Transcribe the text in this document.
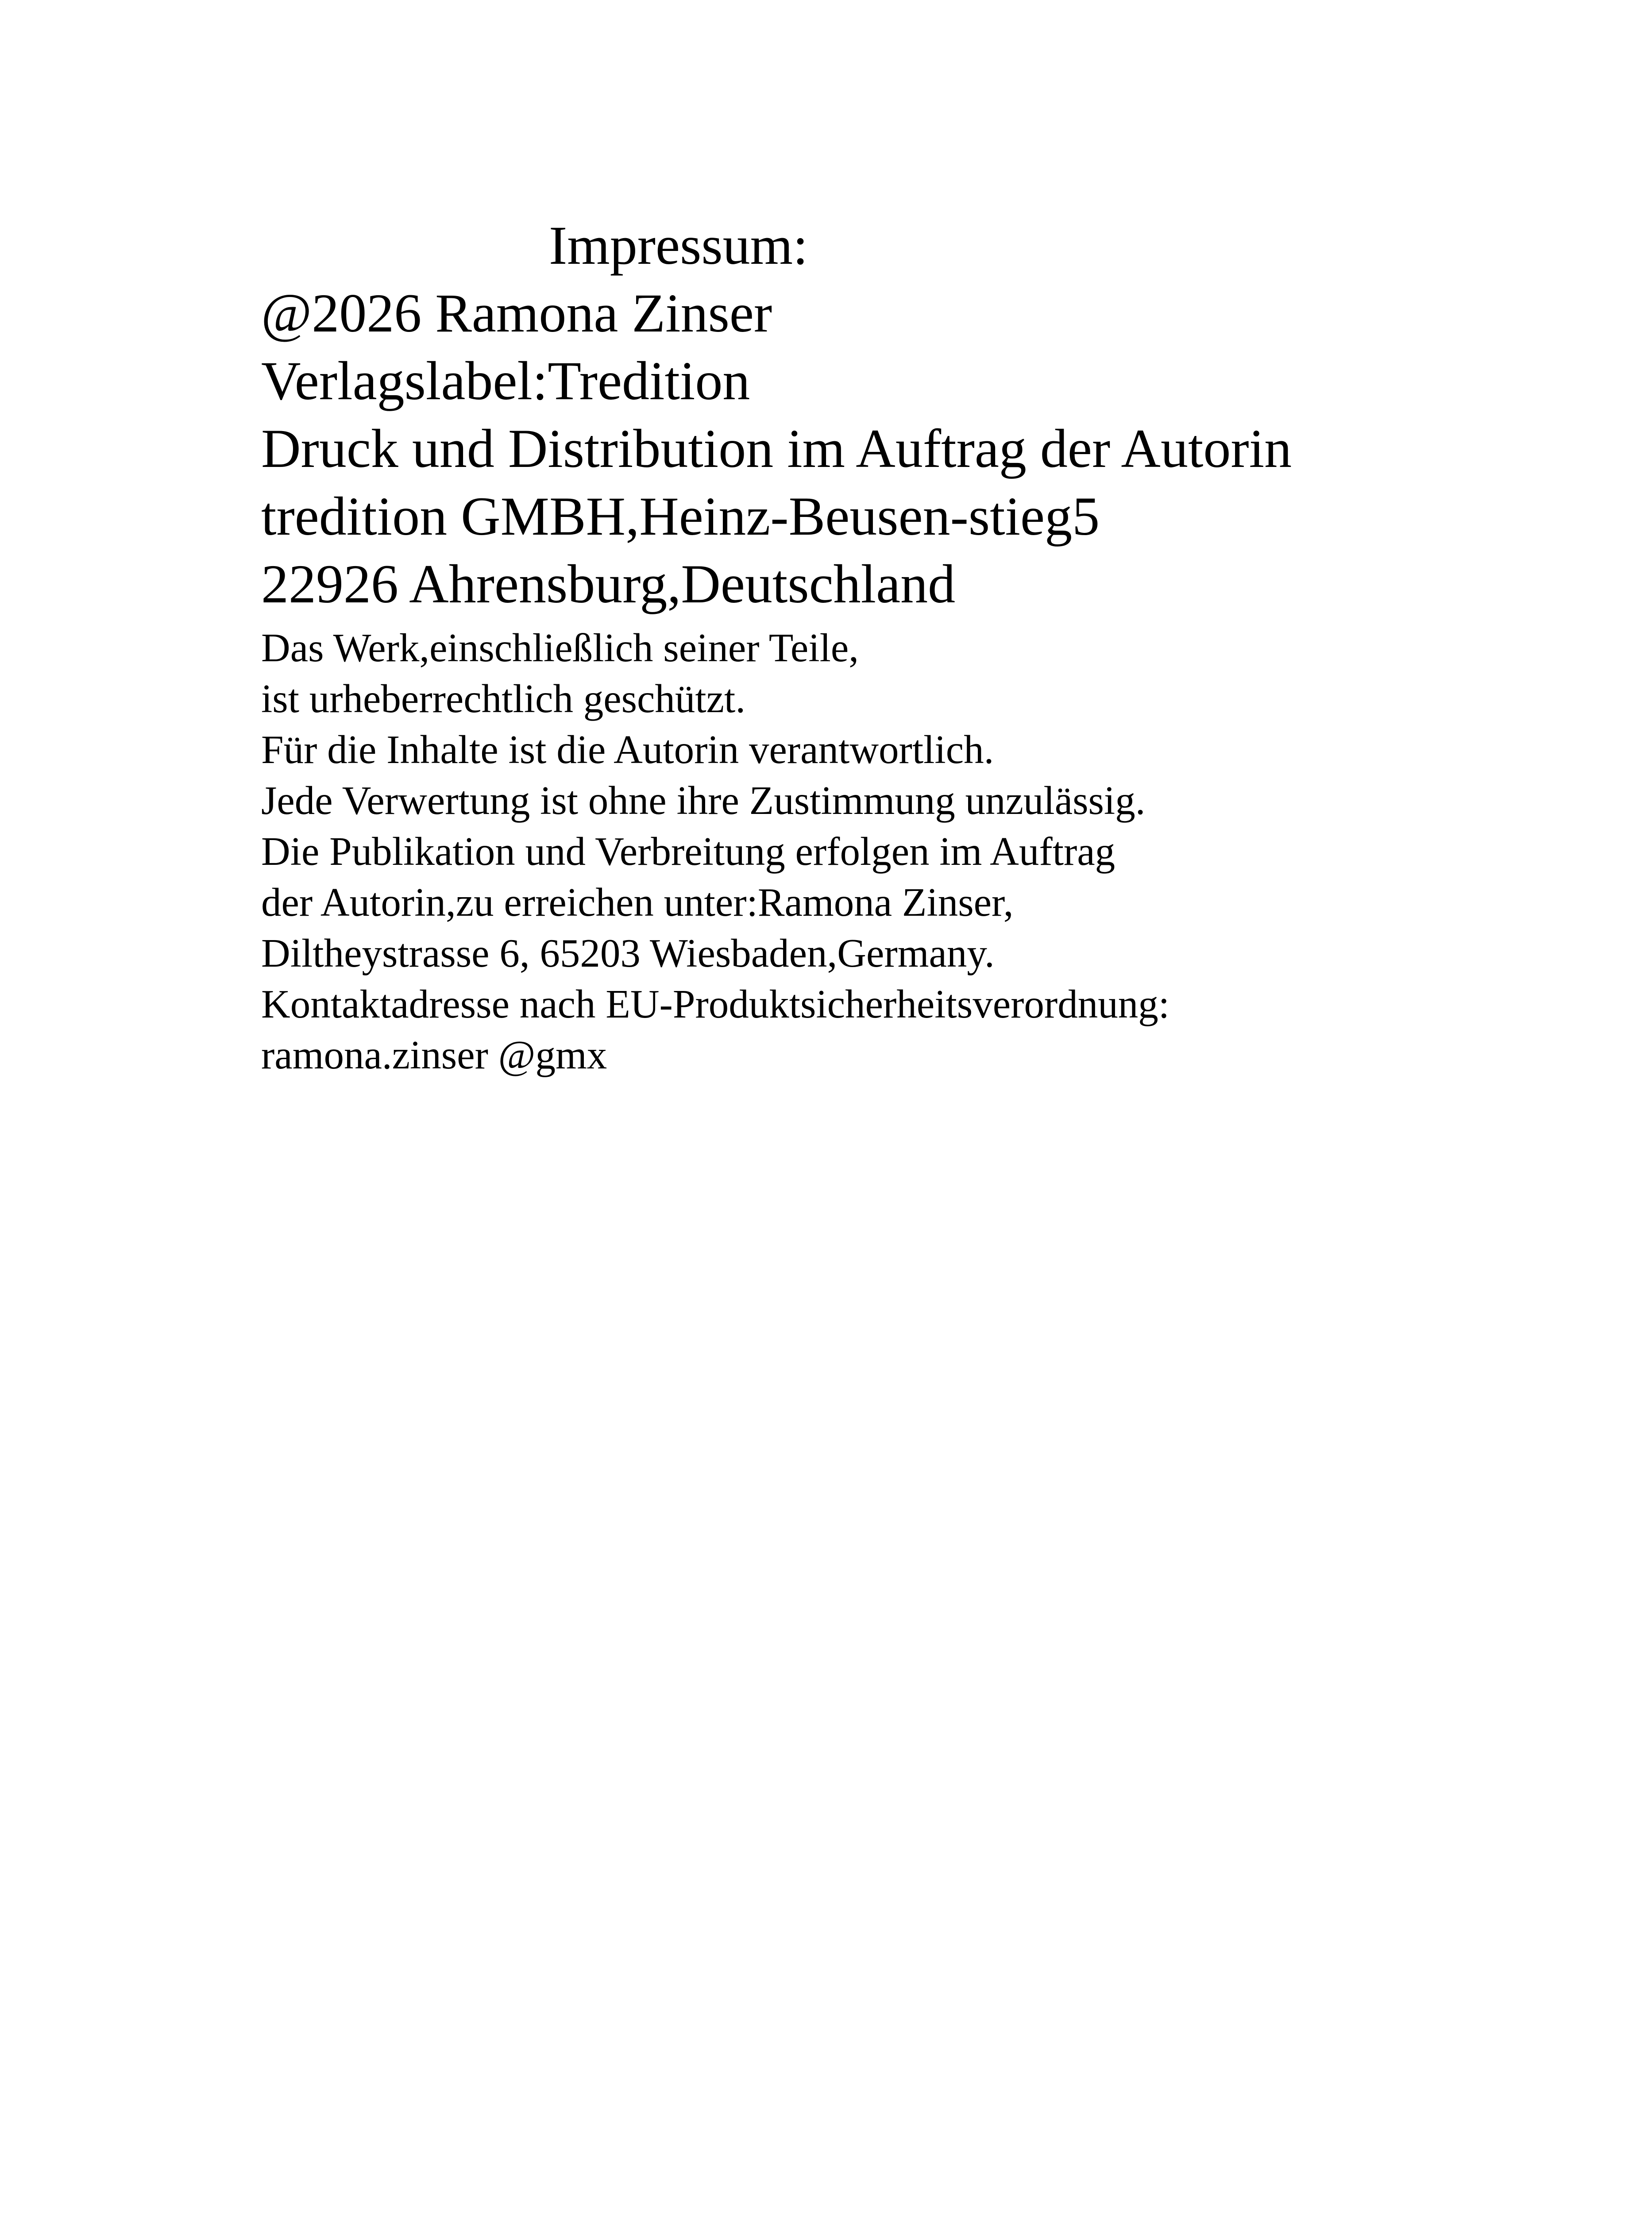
Impressum:

@2026 Ramona Zinser

Verlagslabel:Tredition

Druck und Distribution im Auftrag der Autorin

tredition GMBH,Heinz-Beusen-stieg5

22926 Ahrensburg,Deutschland

Das Werk,einschließlich seiner Teile,

ist urheberrechtlich geschützt.

Für die Inhalte ist die Autorin verantwortlich.

Jede Verwertung ist ohne ihre Zustimmung unzulässig.

Die Publikation und Verbreitung erfolgen im Auftrag

der Autorin,zu erreichen unter:Ramona Zinser,

Diltheystrasse 6, 65203 Wiesbaden,Germany.

Kontaktadresse nach EU-Produktsicherheitsverordnung:

ramona.zinser @gmx
